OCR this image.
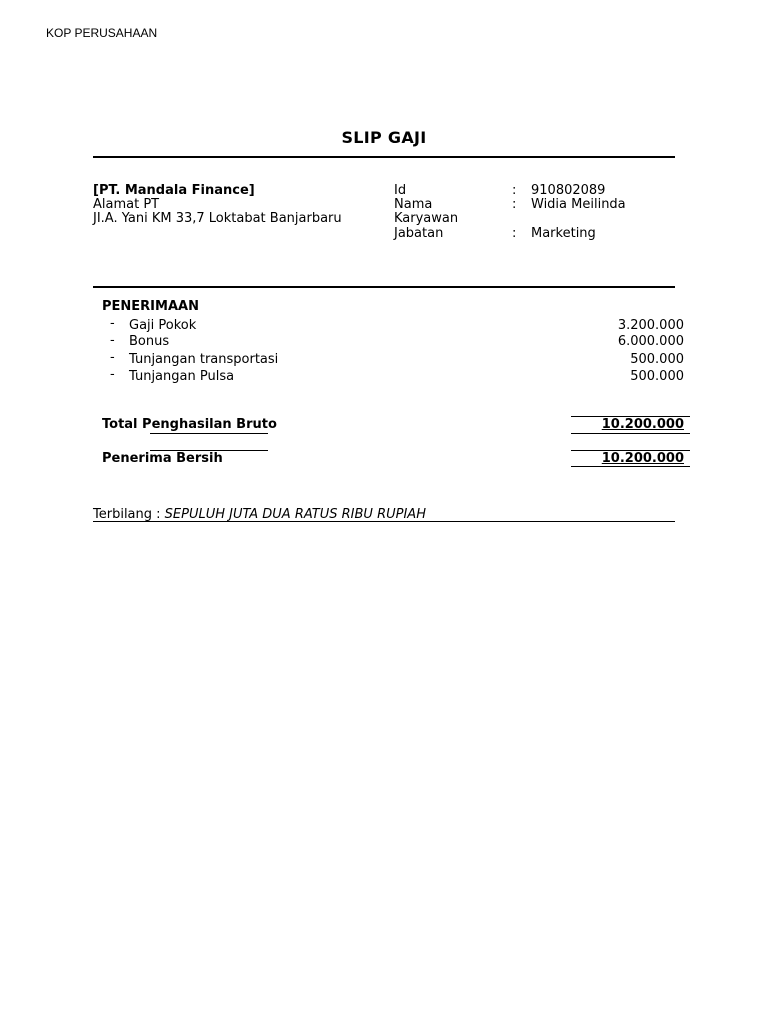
KOP PERUSAHAAN
SLIP GAJI
[PT. Mandala Finance]
Alamat PT
JI.A. Yani KM 33,7 Loktabat Banjarbaru
Id	: 910802089
Nama	: Widia Meilinda
Karyawan
Jabatan	: Marketing
PENERIMAAN
- Gaji Pokok	3.200.000
- Bonus	6.000.000
- Tunjangan transportasi	500.000
- Tunjangan Pulsa	500.000
Total Penghasilan Bruto	10.200.000
Penerima Bersih	10.200.000
Terbilang : SEPULUH JUTA DUA RATUS RIBU RUPIAH
